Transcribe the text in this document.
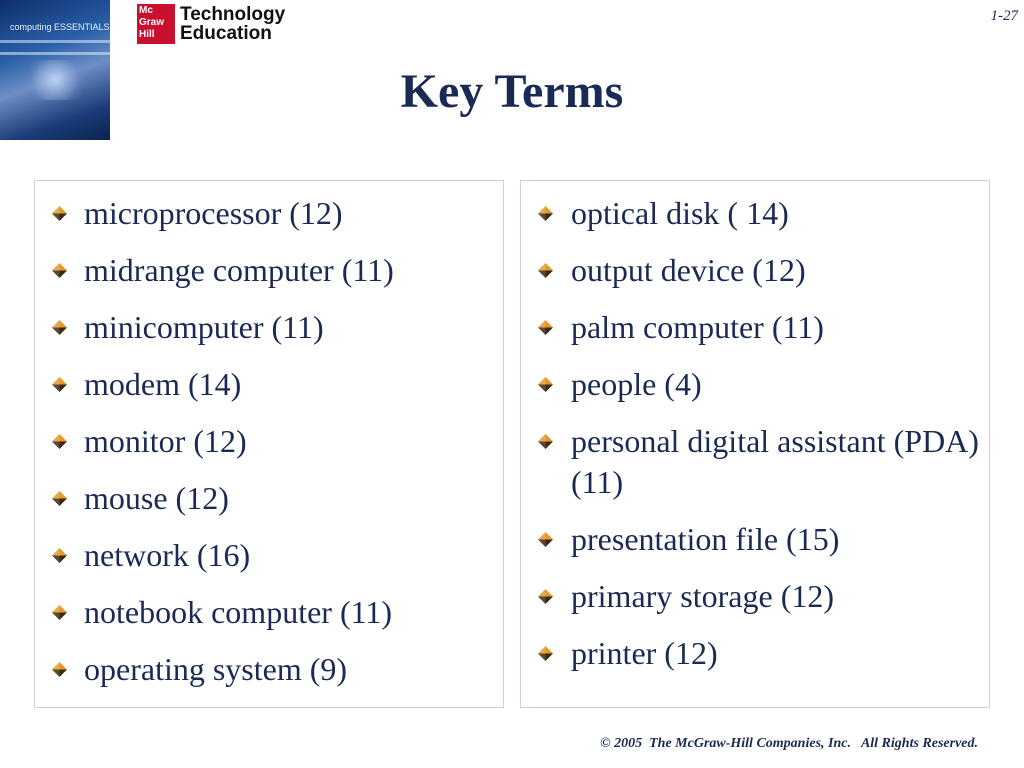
computing ESSENTIALS
Mc
Graw
Hill
Technology
Education
1-27
Key Terms
microprocessor (12)
midrange computer (11)
minicomputer (11)
modem (14)
monitor (12)
mouse (12)
network (16)
notebook computer (11)
operating system (9)
optical disk ( 14)
output device (12)
palm computer (11)
people (4)
personal digital assistant (PDA) (11)
presentation file (15)
primary storage (12)
printer (12)
© 2005  The McGraw-Hill Companies, Inc.   All Rights Reserved.
